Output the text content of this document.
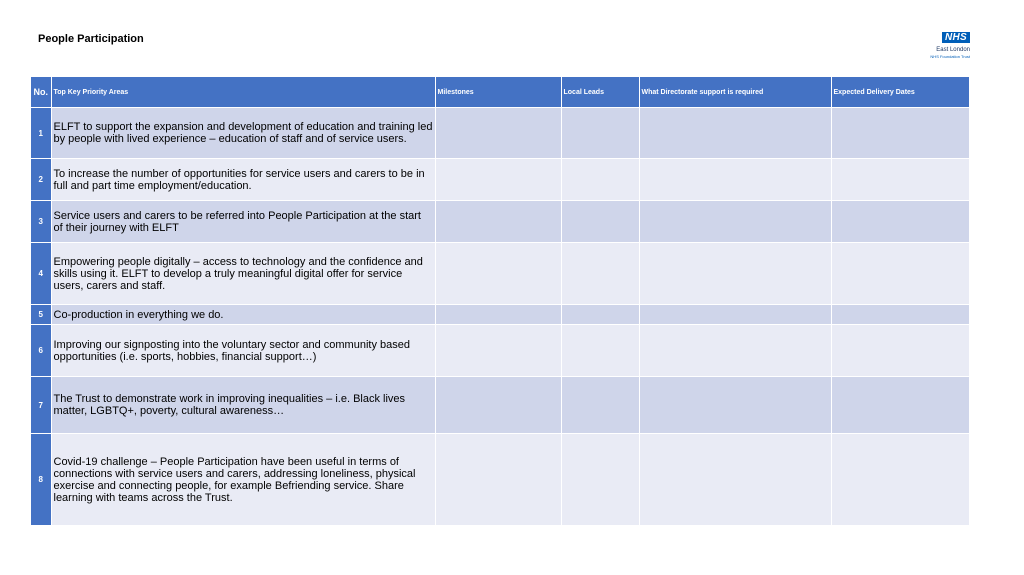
People Participation	NHS
East London
NHS Foundation Trust
No.	Top Key Priority Areas	Milestones	Local Leads	What Directorate support is required	Expected Delivery Dates
1	ELFT to support the expansion and development of education and training led by people with lived experience – education of staff and of service users.				
2	To increase the number of opportunities for service users and carers to be in full and part time employment/education.				
3	Service users and carers to be referred into People Participation at the start of their journey with ELFT				
4	Empowering people digitally – access to technology and the confidence and skills using it. ELFT to develop a truly meaningful digital offer for service users, carers and staff.				
5	Co-production in everything we do.				
6	Improving our signposting into the voluntary sector and community based opportunities (i.e. sports, hobbies, financial support…)				
7	The Trust to demonstrate work in improving inequalities – i.e. Black lives matter, LGBTQ+, poverty, cultural awareness…				
8	Covid-19 challenge – People Participation have been useful in terms of connections with service users and carers, addressing loneliness, physical exercise and connecting people, for example Befriending service. Share learning with teams across the Trust.				
